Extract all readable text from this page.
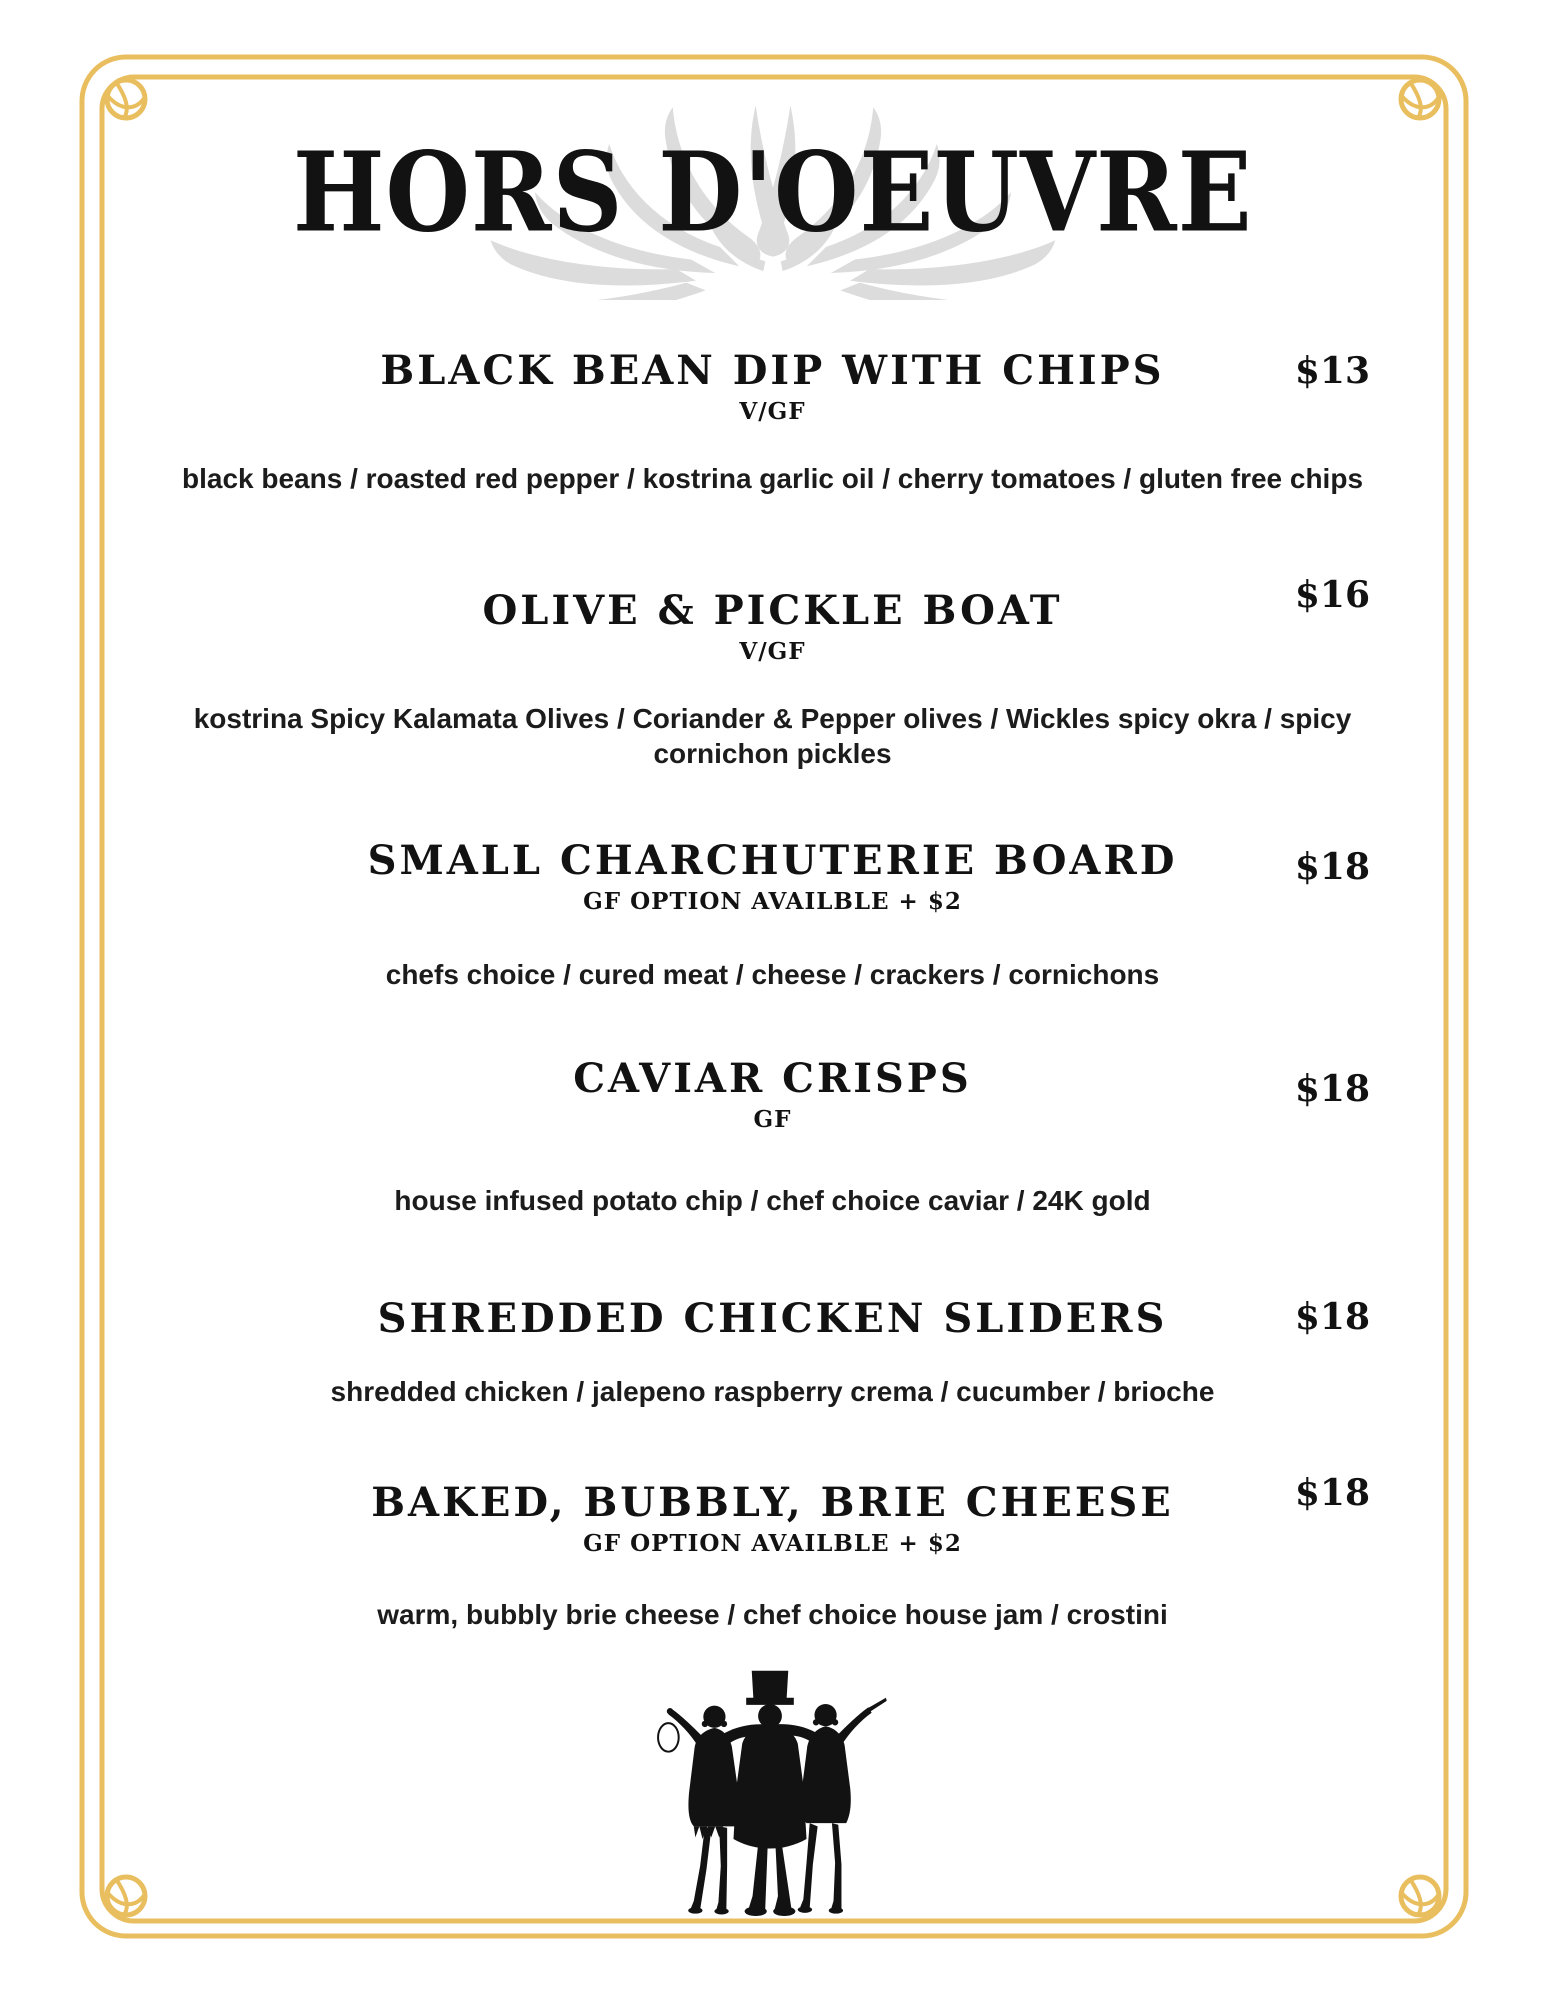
HORS D'OEUVRE
$13
BLACK BEAN DIP WITH CHIPS

V/GF

black beans / roasted red pepper / kostrina garlic oil / cherry tomatoes / gluten free chips

$16
OLIVE & PICKLE BOAT

V/GF

kostrina Spicy Kalamata Olives / Coriander & Pepper olives / Wickles spicy okra / spicy cornichon pickles

$18
SMALL CHARCHUTERIE BOARD

GF OPTION AVAILBLE + $2

chefs choice / cured meat / cheese / crackers / cornichons

$18
CAVIAR CRISPS

GF

house infused potato chip / chef choice caviar / 24K gold

$18
SHREDDED CHICKEN SLIDERS

shredded chicken / jalepeno raspberry crema / cucumber / brioche

$18
BAKED, BUBBLY, BRIE CHEESE

GF OPTION AVAILBLE + $2

warm, bubbly brie cheese / chef choice house jam / crostini
